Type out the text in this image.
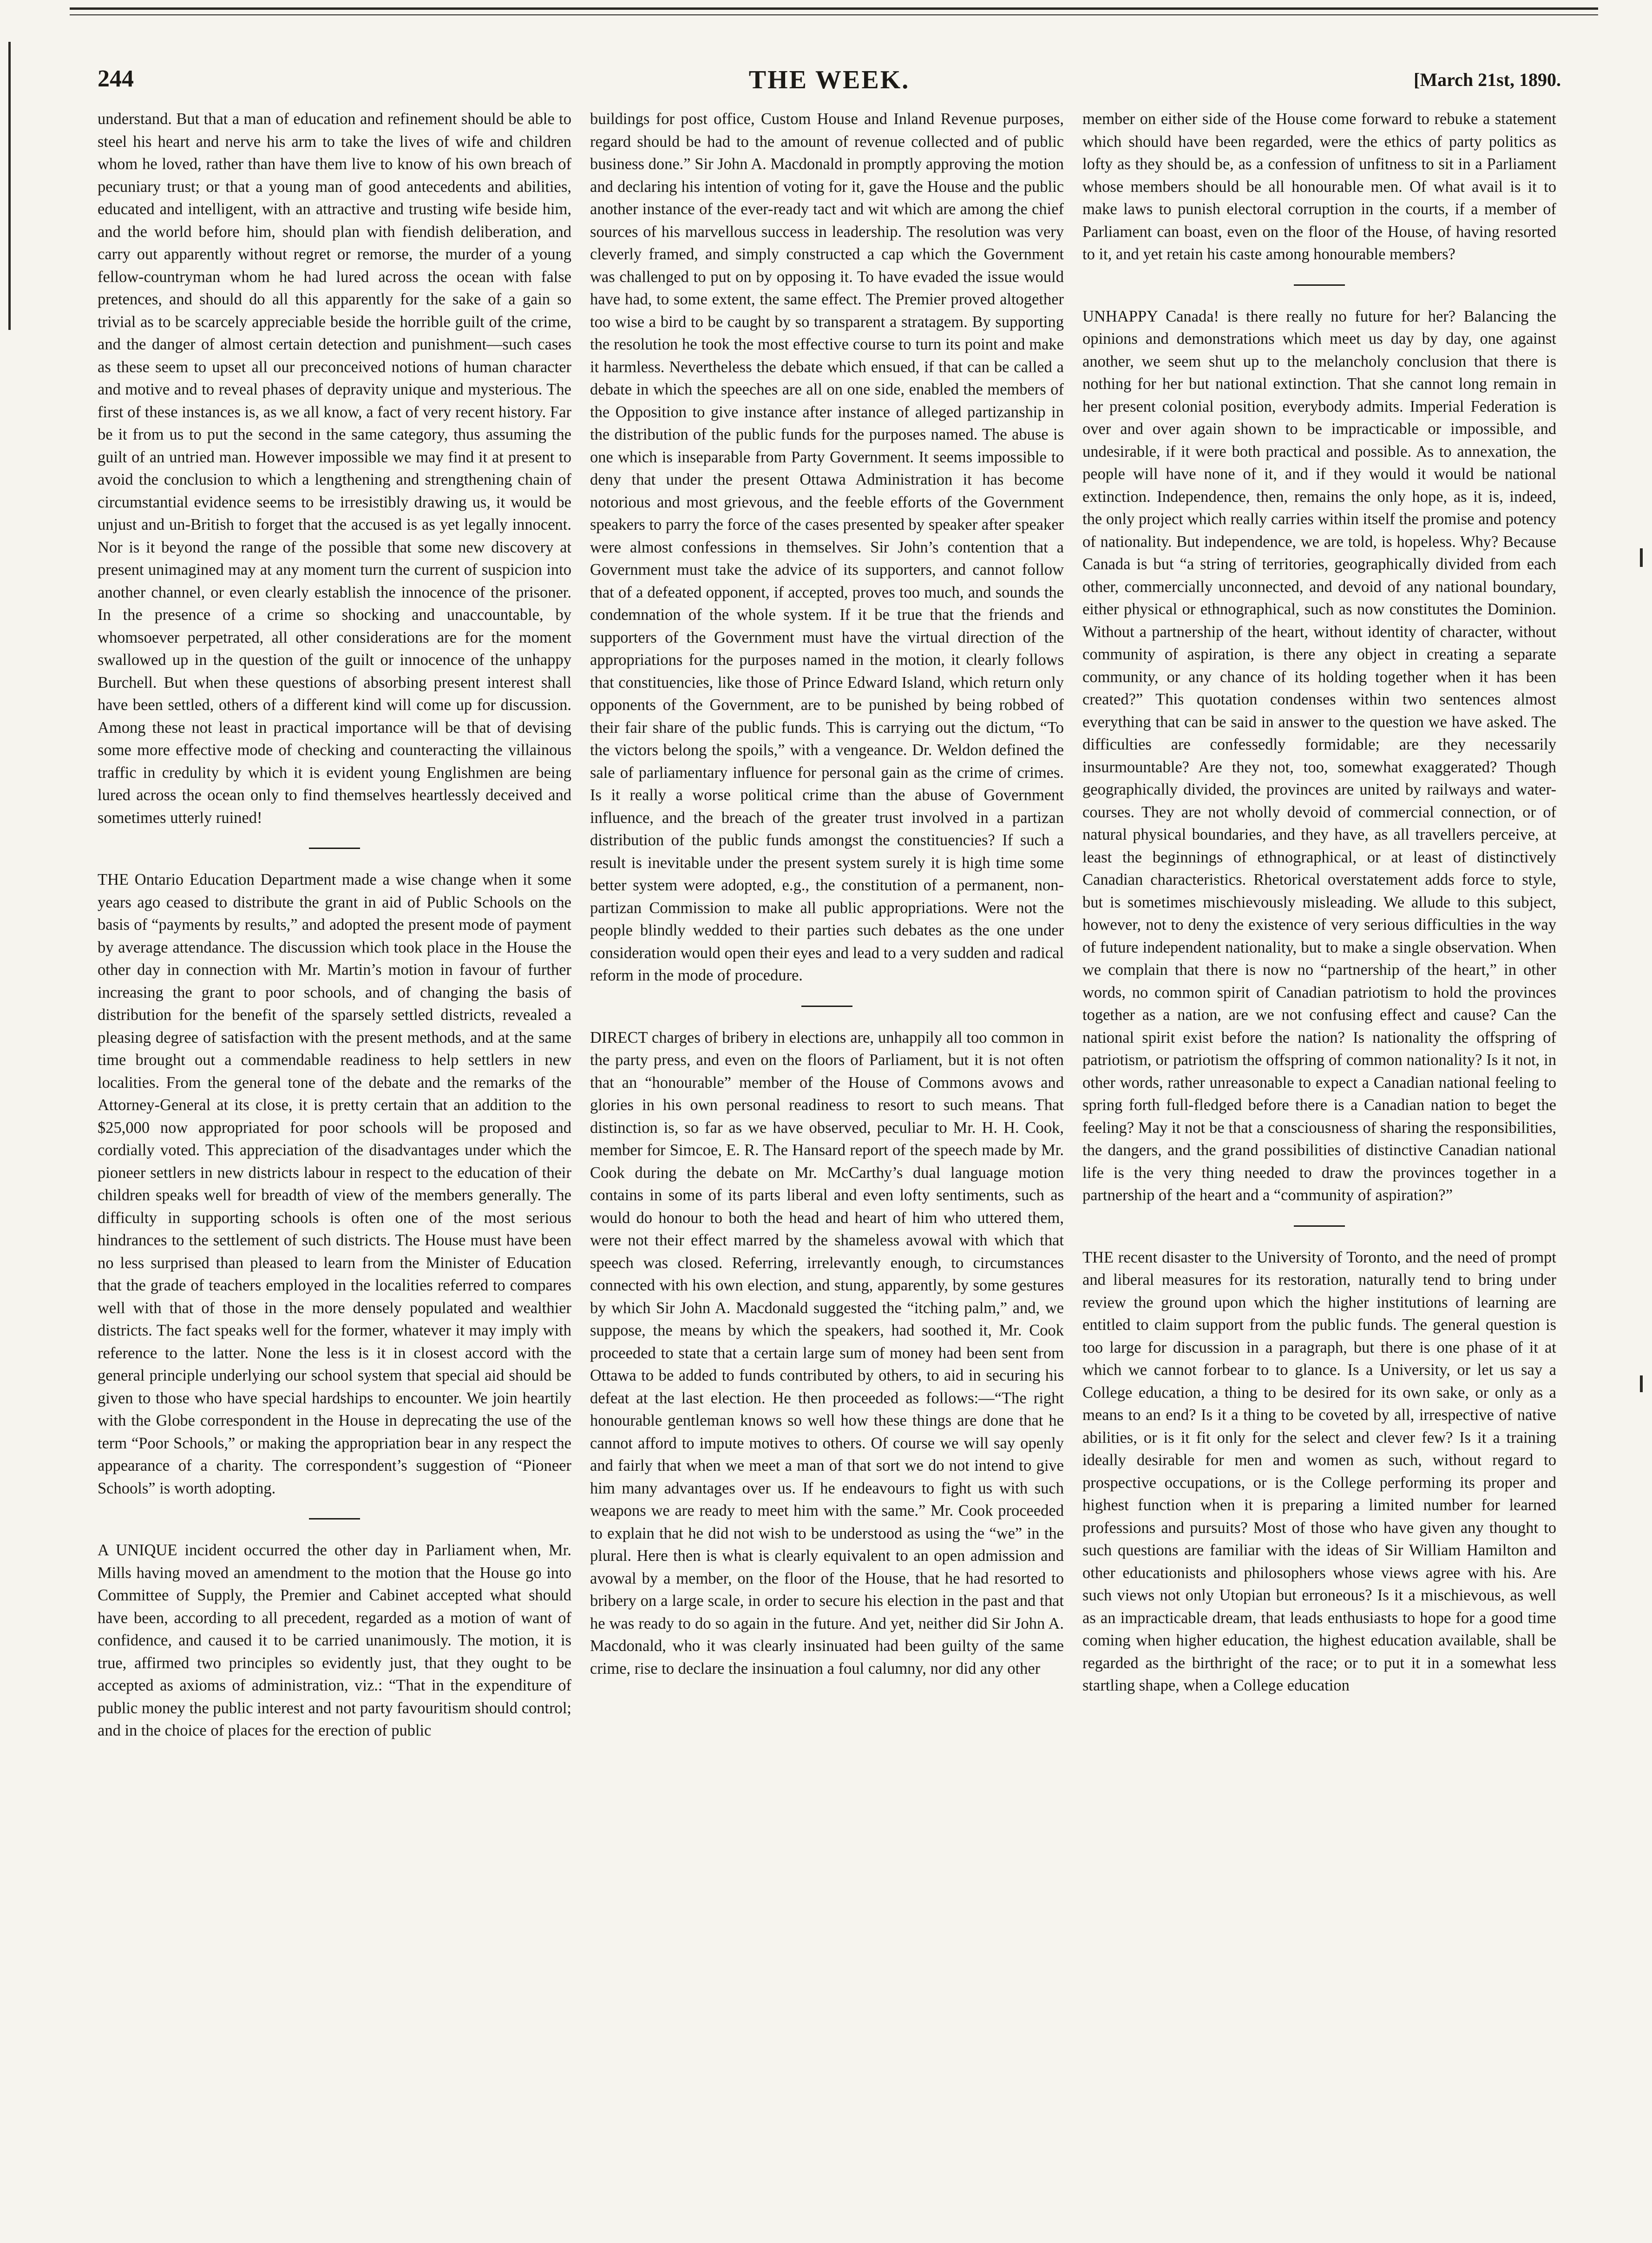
244	THE WEEK.	[March 21st, 1890.

understand. But that a man of education and refinement should be able to steel his heart and nerve his arm to take the lives of wife and children whom he loved, rather than have them live to know of his own breach of pecuniary trust; or that a young man of good antecedents and abilities, educated and intelligent, with an attractive and trusting wife beside him, and the world before him, should plan with fiendish deliberation, and carry out apparently without regret or remorse, the murder of a young fellow-countryman whom he had lured across the ocean with false pretences, and should do all this apparently for the sake of a gain so trivial as to be scarcely appreciable beside the horrible guilt of the crime, and the danger of almost certain detection and punishment—such cases as these seem to upset all our preconceived notions of human character and motive and to reveal phases of depravity unique and mysterious. The first of these instances is, as we all know, a fact of very recent history. Far be it from us to put the second in the same category, thus assuming the guilt of an untried man. However impossible we may find it at present to avoid the conclusion to which a lengthening and strengthening chain of circumstantial evidence seems to be irresistibly drawing us, it would be unjust and un-British to forget that the accused is as yet legally innocent. Nor is it beyond the range of the possible that some new discovery at present unimagined may at any moment turn the current of suspicion into another channel, or even clearly establish the innocence of the prisoner. In the presence of a crime so shocking and unaccountable, by whomsoever perpetrated, all other considerations are for the moment swallowed up in the question of the guilt or innocence of the unhappy Burchell. But when these questions of absorbing present interest shall have been settled, others of a different kind will come up for discussion. Among these not least in practical importance will be that of devising some more effective mode of checking and counteracting the villainous traffic in credulity by which it is evident young Englishmen are being lured across the ocean only to find themselves heartlessly deceived and sometimes utterly ruined!

THE Ontario Education Department made a wise change when it some years ago ceased to distribute the grant in aid of Public Schools on the basis of “payments by results,” and adopted the present mode of payment by average attendance. The discussion which took place in the House the other day in connection with Mr. Martin’s motion in favour of further increasing the grant to poor schools, and of changing the basis of distribution for the benefit of the sparsely settled districts, revealed a pleasing degree of satisfaction with the present methods, and at the same time brought out a commendable readiness to help settlers in new localities. From the general tone of the debate and the remarks of the Attorney-General at its close, it is pretty certain that an addition to the $25,000 now appropriated for poor schools will be proposed and cordially voted. This appreciation of the disadvantages under which the pioneer settlers in new districts labour in respect to the education of their children speaks well for breadth of view of the members generally. The difficulty in supporting schools is often one of the most serious hindrances to the settlement of such districts. The House must have been no less surprised than pleased to learn from the Minister of Education that the grade of teachers employed in the localities referred to compares well with that of those in the more densely populated and wealthier districts. The fact speaks well for the former, whatever it may imply with reference to the latter. None the less is it in closest accord with the general principle underlying our school system that special aid should be given to those who have special hardships to encounter. We join heartily with the Globe correspondent in the House in deprecating the use of the term “Poor Schools,” or making the appropriation bear in any respect the appearance of a charity. The correspondent’s suggestion of “Pioneer Schools” is worth adopting.

A UNIQUE incident occurred the other day in Parliament when, Mr. Mills having moved an amendment to the motion that the House go into Committee of Supply, the Premier and Cabinet accepted what should have been, according to all precedent, regarded as a motion of want of confidence, and caused it to be carried unanimously. The motion, it is true, affirmed two principles so evidently just, that they ought to be accepted as axioms of administration, viz.: “That in the expenditure of public money the public interest and not party favouritism should control; and in the choice of places for the erection of public

buildings for post office, Custom House and Inland Revenue purposes, regard should be had to the amount of revenue collected and of public business done.” Sir John A. Macdonald in promptly approving the motion and declaring his intention of voting for it, gave the House and the public another instance of the ever-ready tact and wit which are among the chief sources of his marvellous success in leadership. The resolution was very cleverly framed, and simply constructed a cap which the Government was challenged to put on by opposing it. To have evaded the issue would have had, to some extent, the same effect. The Premier proved altogether too wise a bird to be caught by so transparent a stratagem. By supporting the resolution he took the most effective course to turn its point and make it harmless. Nevertheless the debate which ensued, if that can be called a debate in which the speeches are all on one side, enabled the members of the Opposition to give instance after instance of alleged partizanship in the distribution of the public funds for the purposes named. The abuse is one which is inseparable from Party Government. It seems impossible to deny that under the present Ottawa Administration it has become notorious and most grievous, and the feeble efforts of the Government speakers to parry the force of the cases presented by speaker after speaker were almost confessions in themselves. Sir John’s contention that a Government must take the advice of its supporters, and cannot follow that of a defeated opponent, if accepted, proves too much, and sounds the condemnation of the whole system. If it be true that the friends and supporters of the Government must have the virtual direction of the appropriations for the purposes named in the motion, it clearly follows that constituencies, like those of Prince Edward Island, which return only opponents of the Government, are to be punished by being robbed of their fair share of the public funds. This is carrying out the dictum, “To the victors belong the spoils,” with a vengeance. Dr. Weldon defined the sale of parliamentary influence for personal gain as the crime of crimes. Is it really a worse political crime than the abuse of Government influence, and the breach of the greater trust involved in a partizan distribution of the public funds amongst the constituencies? If such a result is inevitable under the present system surely it is high time some better system were adopted, e.g., the constitution of a permanent, non-partizan Commission to make all public appropriations. Were not the people blindly wedded to their parties such debates as the one under consideration would open their eyes and lead to a very sudden and radical reform in the mode of procedure.

DIRECT charges of bribery in elections are, unhappily all too common in the party press, and even on the floors of Parliament, but it is not often that an “honourable” member of the House of Commons avows and glories in his own personal readiness to resort to such means. That distinction is, so far as we have observed, peculiar to Mr. H. H. Cook, member for Simcoe, E. R. The Hansard report of the speech made by Mr. Cook during the debate on Mr. McCarthy’s dual language motion contains in some of its parts liberal and even lofty sentiments, such as would do honour to both the head and heart of him who uttered them, were not their effect marred by the shameless avowal with which that speech was closed. Referring, irrelevantly enough, to circumstances connected with his own election, and stung, apparently, by some gestures by which Sir John A. Macdonald suggested the “itching palm,” and, we suppose, the means by which the speakers, had soothed it, Mr. Cook proceeded to state that a certain large sum of money had been sent from Ottawa to be added to funds contributed by others, to aid in securing his defeat at the last election. He then proceeded as follows:—“The right honourable gentleman knows so well how these things are done that he cannot afford to impute motives to others. Of course we will say openly and fairly that when we meet a man of that sort we do not intend to give him many advantages over us. If he endeavours to fight us with such weapons we are ready to meet him with the same.” Mr. Cook proceeded to explain that he did not wish to be understood as using the “we” in the plural. Here then is what is clearly equivalent to an open admission and avowal by a member, on the floor of the House, that he had resorted to bribery on a large scale, in order to secure his election in the past and that he was ready to do so again in the future. And yet, neither did Sir John A. Macdonald, who it was clearly insinuated had been guilty of the same crime, rise to declare the insinuation a foul calumny, nor did any other

member on either side of the House come forward to rebuke a statement which should have been regarded, were the ethics of party politics as lofty as they should be, as a confession of unfitness to sit in a Parliament whose members should be all honourable men. Of what avail is it to make laws to punish electoral corruption in the courts, if a member of Parliament can boast, even on the floor of the House, of having resorted to it, and yet retain his caste among honourable members?

UNHAPPY Canada! is there really no future for her? Balancing the opinions and demonstrations which meet us day by day, one against another, we seem shut up to the melancholy conclusion that there is nothing for her but national extinction. That she cannot long remain in her present colonial position, everybody admits. Imperial Federation is over and over again shown to be impracticable or impossible, and undesirable, if it were both practical and possible. As to annexation, the people will have none of it, and if they would it would be national extinction. Independence, then, remains the only hope, as it is, indeed, the only project which really carries within itself the promise and potency of nationality. But independence, we are told, is hopeless. Why? Because Canada is but “a string of territories, geographically divided from each other, commercially unconnected, and devoid of any national boundary, either physical or ethnographical, such as now constitutes the Dominion. Without a partnership of the heart, without identity of character, without community of aspiration, is there any object in creating a separate community, or any chance of its holding together when it has been created?” This quotation condenses within two sentences almost everything that can be said in answer to the question we have asked. The difficulties are confessedly formidable; are they necessarily insurmountable? Are they not, too, somewhat exaggerated? Though geographically divided, the provinces are united by railways and water-courses. They are not wholly devoid of commercial connection, or of natural physical boundaries, and they have, as all travellers perceive, at least the beginnings of ethnographical, or at least of distinctively Canadian characteristics. Rhetorical overstatement adds force to style, but is sometimes mischievously misleading. We allude to this subject, however, not to deny the existence of very serious difficulties in the way of future independent nationality, but to make a single observation. When we complain that there is now no “partnership of the heart,” in other words, no common spirit of Canadian patriotism to hold the provinces together as a nation, are we not confusing effect and cause? Can the national spirit exist before the nation? Is nationality the offspring of patriotism, or patriotism the offspring of common nationality? Is it not, in other words, rather unreasonable to expect a Canadian national feeling to spring forth full-fledged before there is a Canadian nation to beget the feeling? May it not be that a consciousness of sharing the responsibilities, the dangers, and the grand possibilities of distinctive Canadian national life is the very thing needed to draw the provinces together in a partnership of the heart and a “community of aspiration?”

THE recent disaster to the University of Toronto, and the need of prompt and liberal measures for its restoration, naturally tend to bring under review the ground upon which the higher institutions of learning are entitled to claim support from the public funds. The general question is too large for discussion in a paragraph, but there is one phase of it at which we cannot forbear to to glance. Is a University, or let us say a College education, a thing to be desired for its own sake, or only as a means to an end? Is it a thing to be coveted by all, irrespective of native abilities, or is it fit only for the select and clever few? Is it a training ideally desirable for men and women as such, without regard to prospective occupations, or is the College performing its proper and highest function when it is preparing a limited number for learned professions and pursuits? Most of those who have given any thought to such questions are familiar with the ideas of Sir William Hamilton and other educationists and philosophers whose views agree with his. Are such views not only Utopian but erroneous? Is it a mischievous, as well as an impracticable dream, that leads enthusiasts to hope for a good time coming when higher education, the highest education available, shall be regarded as the birthright of the race; or to put it in a somewhat less startling shape, when a College education
